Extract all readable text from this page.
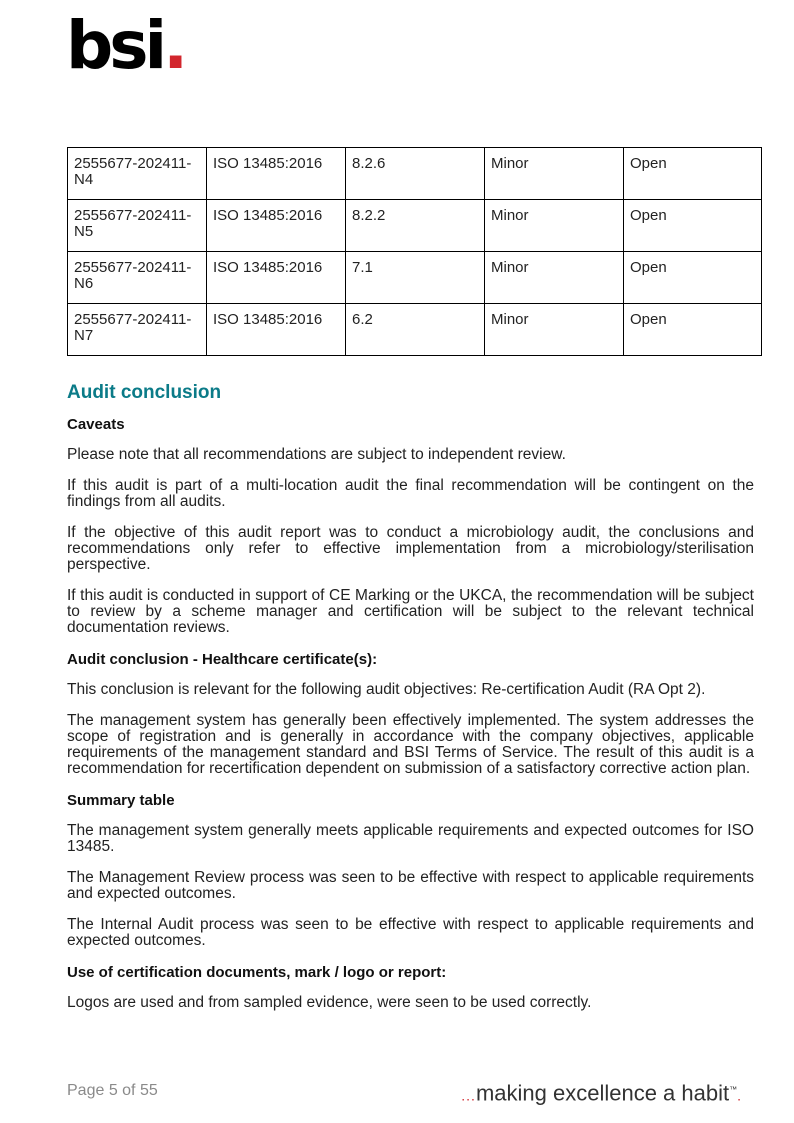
bsi.
2555677-202411-N4	ISO 13485:2016	8.2.6	Minor	Open
2555677-202411-N5	ISO 13485:2016	8.2.2	Minor	Open
2555677-202411-N6	ISO 13485:2016	7.1	Minor	Open
2555677-202411-N7	ISO 13485:2016	6.2	Minor	Open
Audit conclusion
Caveats

Please note that all recommendations are subject to independent review.

If this audit is part of a multi-location audit the final recommendation will be contingent on the findings from all audits.

If the objective of this audit report was to conduct a microbiology audit, the conclusions and recommendations only refer to effective implementation from a microbiology/sterilisation perspective.

If this audit is conducted in support of CE Marking or the UKCA, the recommendation will be subject to review by a scheme manager and certification will be subject to the relevant technical documentation reviews.

Audit conclusion - Healthcare certificate(s):

This conclusion is relevant for the following audit objectives: Re-certification Audit (RA Opt 2).

The management system has generally been effectively implemented. The system addresses the scope of registration and is generally in accordance with the company objectives, applicable requirements of the management standard and BSI Terms of Service. The result of this audit is a recommendation for recertification dependent on submission of a satisfactory corrective action plan.

Summary table

The management system generally meets applicable requirements and expected outcomes for ISO 13485.

The Management Review process was seen to be effective with respect to applicable requirements and expected outcomes.

The Internal Audit process was seen to be effective with respect to applicable requirements and expected outcomes.

Use of certification documents, mark / logo or report:

Logos are used and from sampled evidence, were seen to be used correctly.

Page 5 of 55	...making excellence a habit™.
